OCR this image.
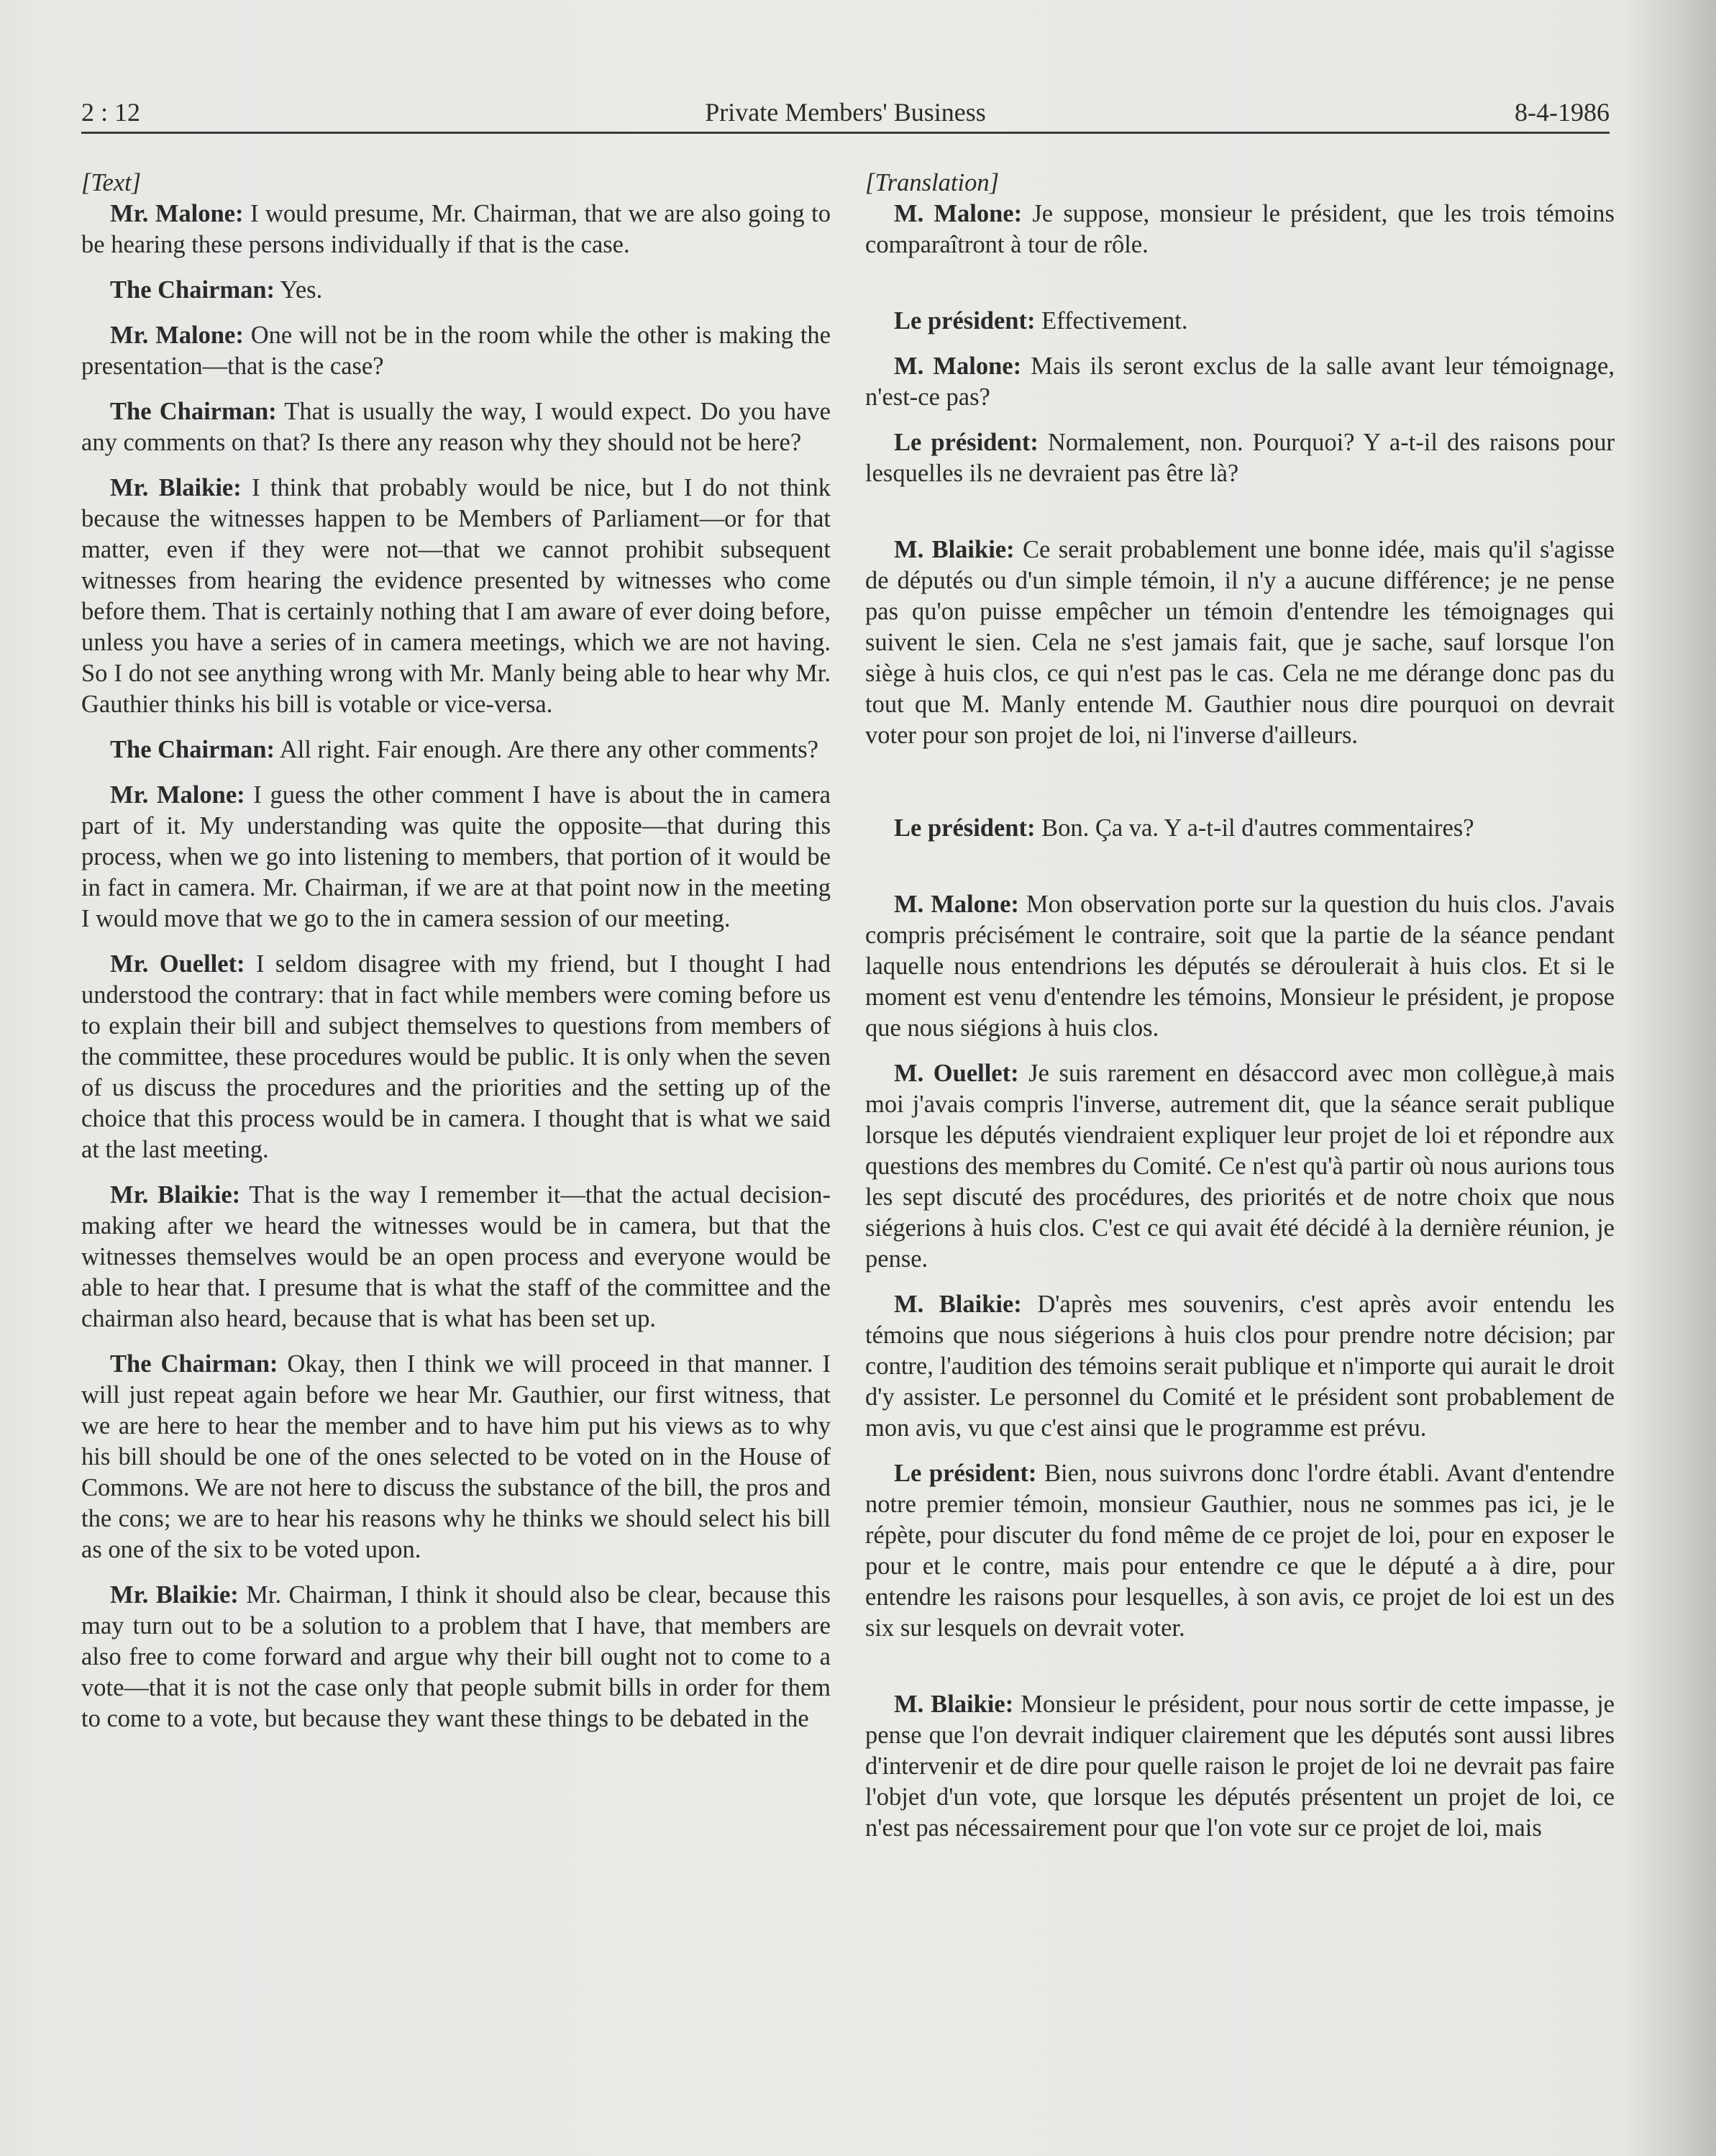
2 : 12	Private Members' Business	8-4-1986

[Text]

Mr. Malone: I would presume, Mr. Chairman, that we are also going to be hearing these persons individually if that is the case.

The Chairman: Yes.

Mr. Malone: One will not be in the room while the other is making the presentation—that is the case?

The Chairman: That is usually the way, I would expect. Do you have any comments on that? Is there any reason why they should not be here?

Mr. Blaikie: I think that probably would be nice, but I do not think because the witnesses happen to be Members of Parliament—or for that matter, even if they were not—that we cannot prohibit subsequent witnesses from hearing the evidence presented by witnesses who come before them. That is certainly nothing that I am aware of ever doing before, unless you have a series of in camera meetings, which we are not having. So I do not see anything wrong with Mr. Manly being able to hear why Mr. Gauthier thinks his bill is votable or vice-versa.

The Chairman: All right. Fair enough. Are there any other comments?

Mr. Malone: I guess the other comment I have is about the in camera part of it. My understanding was quite the opposite—that during this process, when we go into listening to members, that portion of it would be in fact in camera. Mr. Chairman, if we are at that point now in the meeting I would move that we go to the in camera session of our meeting.

Mr. Ouellet: I seldom disagree with my friend, but I thought I had understood the contrary: that in fact while members were coming before us to explain their bill and subject themselves to questions from members of the committee, these procedures would be public. It is only when the seven of us discuss the procedures and the priorities and the setting up of the choice that this process would be in camera. I thought that is what we said at the last meeting.

Mr. Blaikie: That is the way I remember it—that the actual decision-making after we heard the witnesses would be in camera, but that the witnesses themselves would be an open process and everyone would be able to hear that. I presume that is what the staff of the committee and the chairman also heard, because that is what has been set up.

The Chairman: Okay, then I think we will proceed in that manner. I will just repeat again before we hear Mr. Gauthier, our first witness, that we are here to hear the member and to have him put his views as to why his bill should be one of the ones selected to be voted on in the House of Commons. We are not here to discuss the substance of the bill, the pros and the cons; we are to hear his reasons why he thinks we should select his bill as one of the six to be voted upon.

Mr. Blaikie: Mr. Chairman, I think it should also be clear, because this may turn out to be a solution to a problem that I have, that members are also free to come forward and argue why their bill ought not to come to a vote—that it is not the case only that people submit bills in order for them to come to a vote, but because they want these things to be debated in the

[Translation]

M. Malone: Je suppose, monsieur le président, que les trois témoins comparaîtront à tour de rôle.

Le président: Effectivement.

M. Malone: Mais ils seront exclus de la salle avant leur témoignage, n'est-ce pas?

Le président: Normalement, non. Pourquoi? Y a-t-il des raisons pour lesquelles ils ne devraient pas être là?

M. Blaikie: Ce serait probablement une bonne idée, mais qu'il s'agisse de députés ou d'un simple témoin, il n'y a aucune différence; je ne pense pas qu'on puisse empêcher un témoin d'entendre les témoignages qui suivent le sien. Cela ne s'est jamais fait, que je sache, sauf lorsque l'on siège à huis clos, ce qui n'est pas le cas. Cela ne me dérange donc pas du tout que M. Manly entende M. Gauthier nous dire pourquoi on devrait voter pour son projet de loi, ni l'inverse d'ailleurs.

Le président: Bon. Ça va. Y a-t-il d'autres commentaires?

M. Malone: Mon observation porte sur la question du huis clos. J'avais compris précisément le contraire, soit que la partie de la séance pendant laquelle nous entendrions les députés se déroulerait à huis clos. Et si le moment est venu d'entendre les témoins, Monsieur le président, je propose que nous siégions à huis clos.

M. Ouellet: Je suis rarement en désaccord avec mon collègue,à mais moi j'avais compris l'inverse, autrement dit, que la séance serait publique lorsque les députés viendraient expliquer leur projet de loi et répondre aux questions des membres du Comité. Ce n'est qu'à partir où nous aurions tous les sept discuté des procédures, des priorités et de notre choix que nous siégerions à huis clos. C'est ce qui avait été décidé à la dernière réunion, je pense.

M. Blaikie: D'après mes souvenirs, c'est après avoir entendu les témoins que nous siégerions à huis clos pour prendre notre décision; par contre, l'audition des témoins serait publique et n'importe qui aurait le droit d'y assister. Le personnel du Comité et le président sont probablement de mon avis, vu que c'est ainsi que le programme est prévu.

Le président: Bien, nous suivrons donc l'ordre établi. Avant d'entendre notre premier témoin, monsieur Gauthier, nous ne sommes pas ici, je le répète, pour discuter du fond même de ce projet de loi, pour en exposer le pour et le contre, mais pour entendre ce que le député a à dire, pour entendre les raisons pour lesquelles, à son avis, ce projet de loi est un des six sur lesquels on devrait voter.

M. Blaikie: Monsieur le président, pour nous sortir de cette impasse, je pense que l'on devrait indiquer clairement que les députés sont aussi libres d'intervenir et de dire pour quelle raison le projet de loi ne devrait pas faire l'objet d'un vote, que lorsque les députés présentent un projet de loi, ce n'est pas nécessairement pour que l'on vote sur ce projet de loi, mais
